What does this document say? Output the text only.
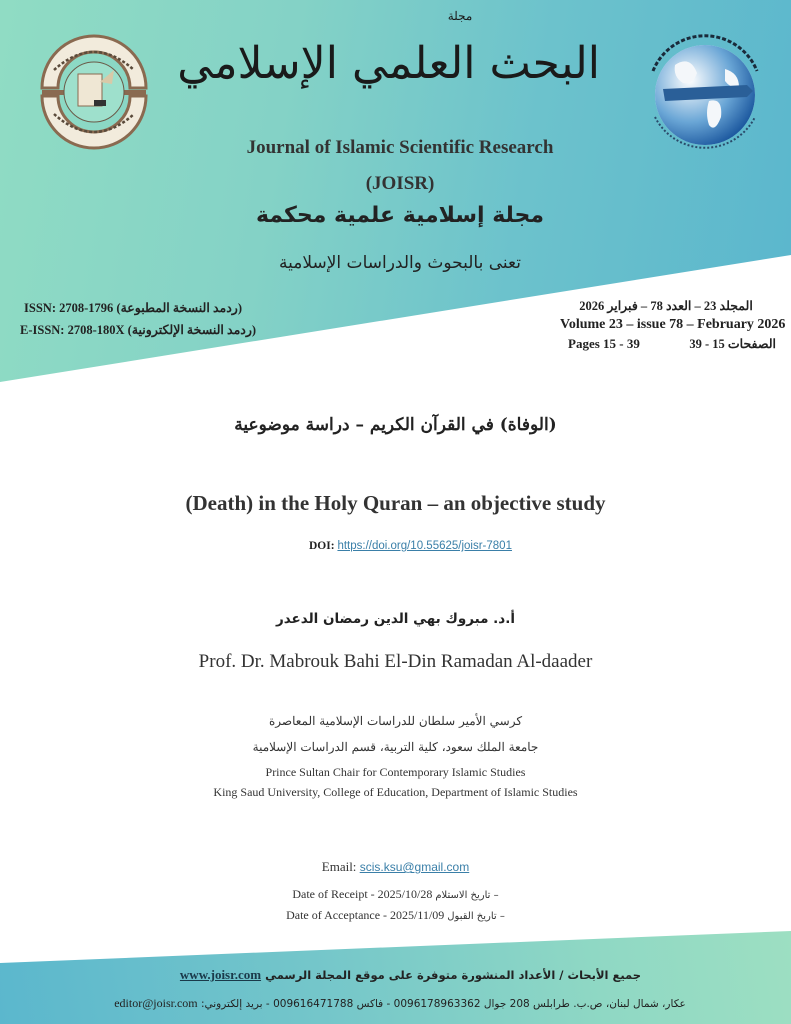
مجلة
البحث العلمي الإسلامي
Journal of Islamic Scientific Research
(JOISR)
مجلة إسلامية علمية محكمة
تعنى بالبحوث والدراسات الإسلامية
ISSN: 2708-1796 (ردمد النسخة المطبوعة)
E-ISSN: 2708-180X (ردمد النسخة الإلكترونية)
المجلد 23 – العدد 78 – فبراير 2026
Volume 23 – issue 78 – February 2026
Pages 15 - 39	الصفحات 15 - 39
(الوفاة) في القرآن الكريم – دراسة موضوعية
(Death) in the Holy Quran – an objective study
DOI: https://doi.org/10.55625/joisr-7801
أ.د. مبروك بهي الدين رمضان الدعدر
Prof. Dr. Mabrouk Bahi El-Din Ramadan Al-daader
كرسي الأمير سلطان للدراسات الإسلامية المعاصرة
جامعة الملك سعود، كلية التربية، قسم الدراسات الإسلامية
Prince Sultan Chair for Contemporary Islamic Studies
King Saud University, College of Education, Department of Islamic Studies
Email: scis.ksu@gmail.com
Date of Receipt - 2025/10/28 – تاريخ الاستلام
Date of Acceptance - 2025/11/09 – تاريخ القبول
جميع الأبحاث / الأعداد المنشورة متوفرة على موقع المجلة الرسمي www.joisr.com
عكار، شمال لبنان، ص.ب. طرابلس 208 جوال 0096178963362 - فاكس 009616471788 - بريد إلكتروني: editor@joisr.com
